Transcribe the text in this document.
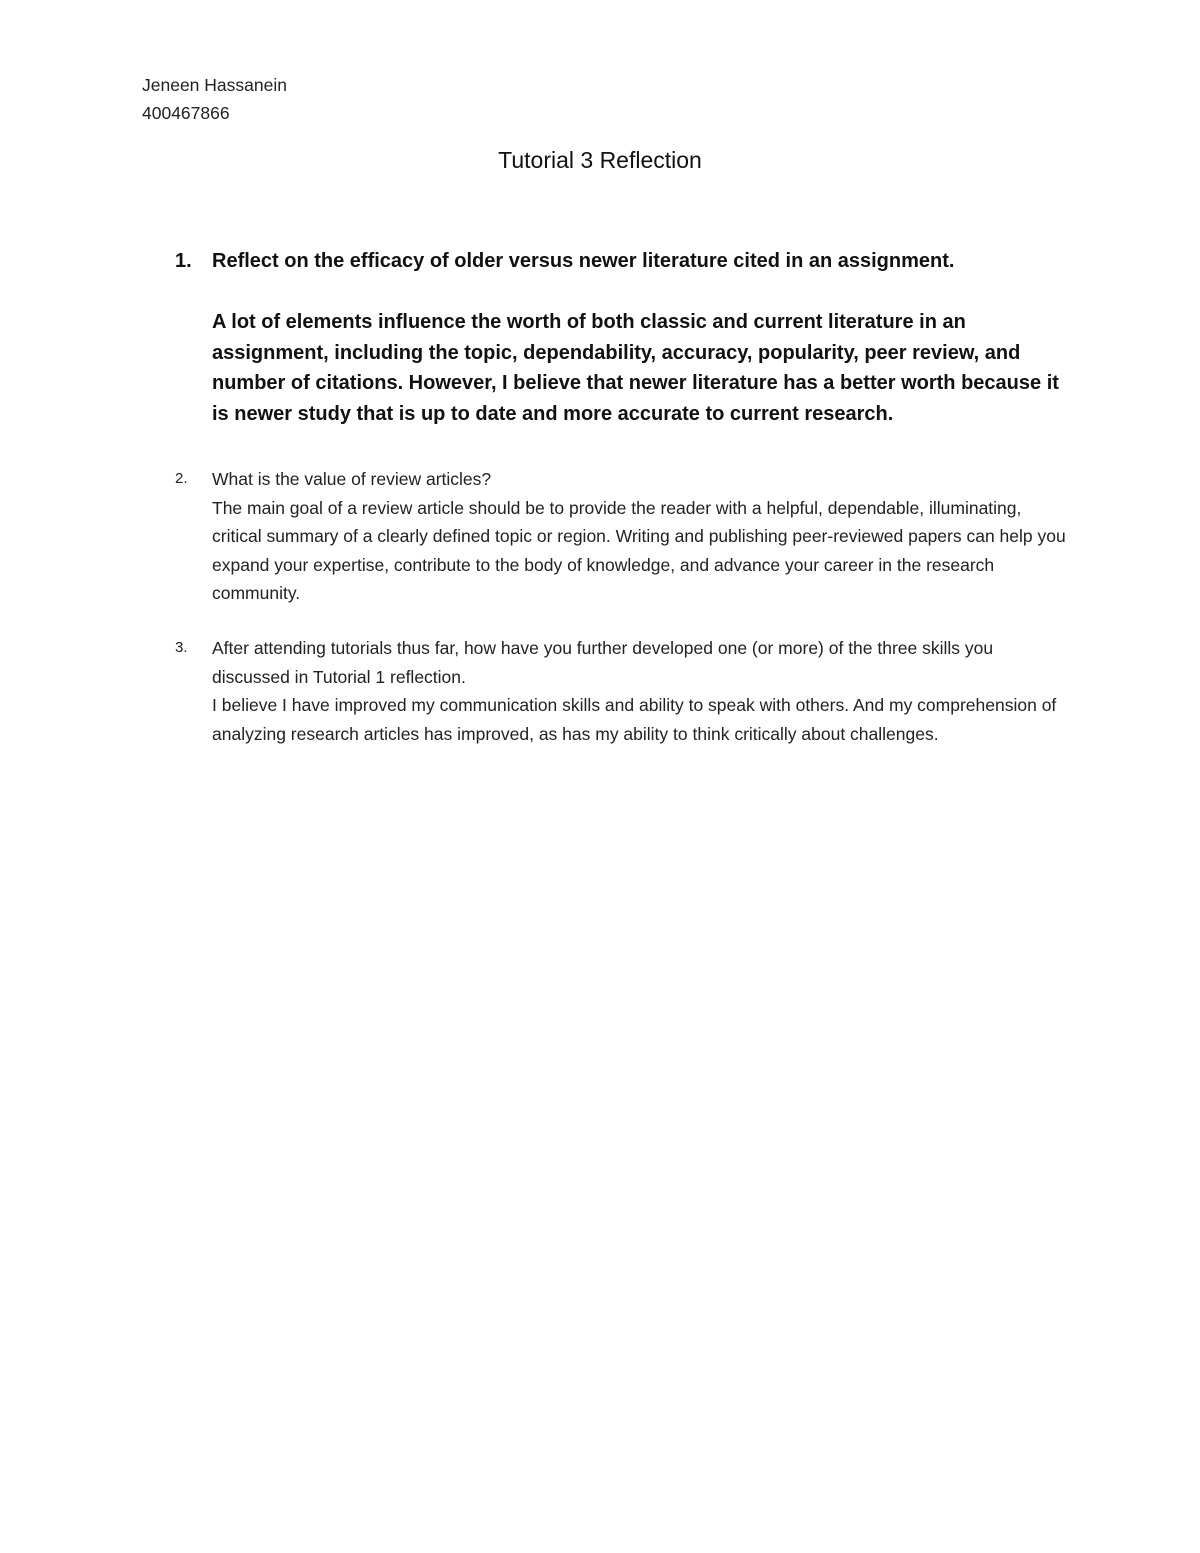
Jeneen Hassanein
400467866
Tutorial 3 Reflection
1.	Reflect on the efficacy of older versus newer literature cited in an assignment.

A lot of elements influence the worth of both classic and current literature in an assignment, including the topic, dependability, accuracy, popularity, peer review, and number of citations. However, I believe that newer literature has a better worth because it is newer study that is up to date and more accurate to current research.

2.	What is the value of review articles?

The main goal of a review article should be to provide the reader with a helpful, dependable, illuminating, critical summary of a clearly defined topic or region. Writing and publishing peer-reviewed papers can help you expand your expertise, contribute to the body of knowledge, and advance your career in the research community.

3.	After attending tutorials thus far, how have you further developed one (or more) of the three skills you discussed in Tutorial 1 reflection.

I believe I have improved my communication skills and ability to speak with others. And my comprehension of analyzing research articles has improved, as has my ability to think critically about challenges.
